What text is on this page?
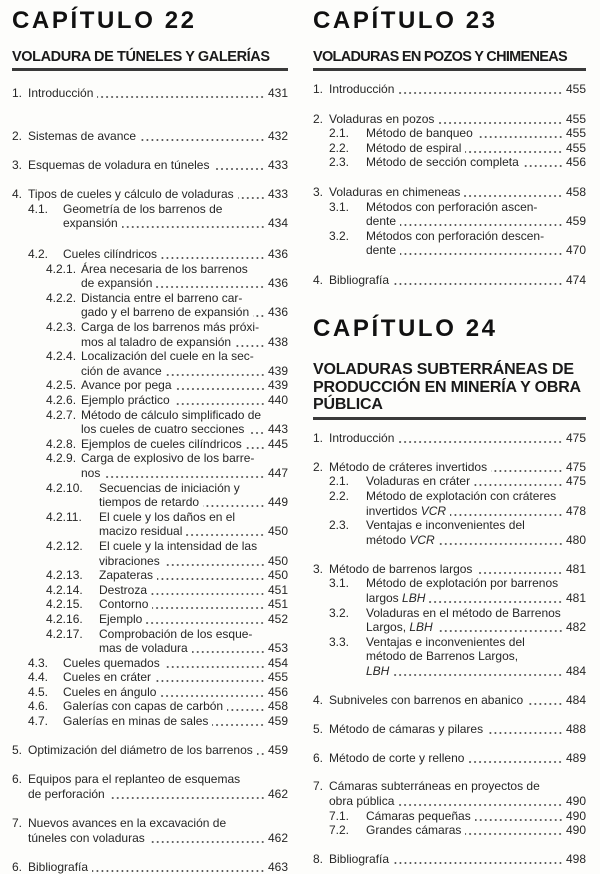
CAPÍTULO 22
VOLADURA DE TÚNELES Y GALERÍAS
1. Introducción	431
2. Sistemas de avance	432
3. Esquemas de voladura en túneles	433
4. Tipos de cueles y cálculo de voladuras	433
4.1. Geometría de los barrenos de
expansión	434
4.2. Cueles cilíndricos	436
4.2.1. Área necesaria de los barrenos
de expansión	436
4.2.2. Distancia entre el barreno car-
gado y el barreno de expansión 436
4.2.3. Carga de los barrenos más próxi-
mos al taladro de expansión	438
4.2.4. Localización del cuele en la sec-
ción de avance	439
4.2.5. Avance por pega	439
4.2.6. Ejemplo práctico	440
4.2.7. Método de cálculo simplificado de
los cueles de cuatro secciones 443
4.2.8. Ejemplos de cueles cilíndricos 445
4.2.9. Carga de explosivo de los barre-
nos	447
4.2.10. Secuencias de iniciación y
tiempos de retardo	449
4.2.11. El cuele y los daños en el
macizo residual	450
4.2.12. El cuele y la intensidad de las
vibraciones	450
4.2.13. Zapateras	450
4.2.14. Destroza	451
4.2.15. Contorno	451
4.2.16. Ejemplo	452
4.2.17. Comprobación de los esque-
mas de voladura	453
4.3. Cueles quemados	454
4.4. Cueles en cráter	455
4.5. Cueles en ángulo	456
4.6. Galerías con capas de carbón	458
4.7. Galerías en minas de sales	459
5. Optimización del diámetro de los barrenos 459
6. Equipos para el replanteo de esquemas
de perforación	462
7. Nuevos avances en la excavación de
túneles con voladuras	462
6. Bibliografía	463
CAPÍTULO 23
VOLADURAS EN POZOS Y CHIMENEAS
1. Introducción	455
2. Voladuras en pozos	455
2.1. Método de banqueo	455
2.2. Método de espiral	455
2.3. Método de sección completa	456
3. Voladuras en chimeneas	458
3.1. Métodos con perforación ascen-
dente	459
3.2. Métodos con perforación descen-
dente	470
4. Bibliografía	474
CAPÍTULO 24
VOLADURAS SUBTERRÁNEAS DE
PRODUCCIÓN EN MINERÍA Y OBRA
PÚBLICA
1. Introducción	475
2. Método de cráteres invertidos	475
2.1. Voladuras en cráter	475
2.2. Método de explotación con cráteres
invertidos VCR	478
2.3. Ventajas e inconvenientes del
método VCR	480
3. Método de barrenos largos	481
3.1. Método de explotación por barrenos
largos LBH	481
3.2. Voladuras en el método de Barrenos
Largos, LBH	482
3.3. Ventajas e inconvenientes del
método de Barrenos Largos,
LBH	484
4. Subniveles con barrenos en abanico	484
5. Método de cámaras y pilares	488
6. Método de corte y relleno	489
7. Cámaras subterráneas en proyectos de
obra pública	490
7.1. Cámaras pequeñas	490
7.2. Grandes cámaras	490
8. Bibliografía	498
